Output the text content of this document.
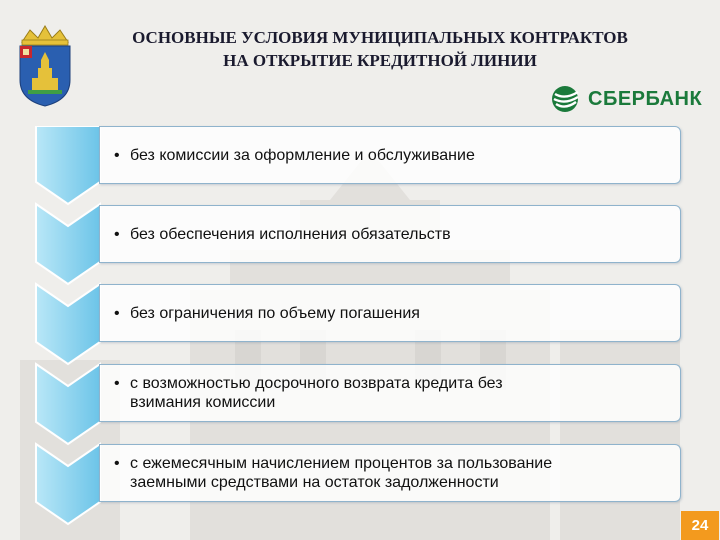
ОСНОВНЫЕ УСЛОВИЯ МУНИЦИПАЛЬНЫХ КОНТРАКТОВ
НА ОТКРЫТИЕ КРЕДИТНОЙ ЛИНИИ
СБЕРБАНК
• без комиссии за оформление и обслуживание
• без обеспечения исполнения обязательств
• без ограничения по объему погашения
• с возможностью досрочного возврата кредита без
взимания комиссии
• с ежемесячным начислением процентов за пользование
заемными средствами на остаток задолженности
24
